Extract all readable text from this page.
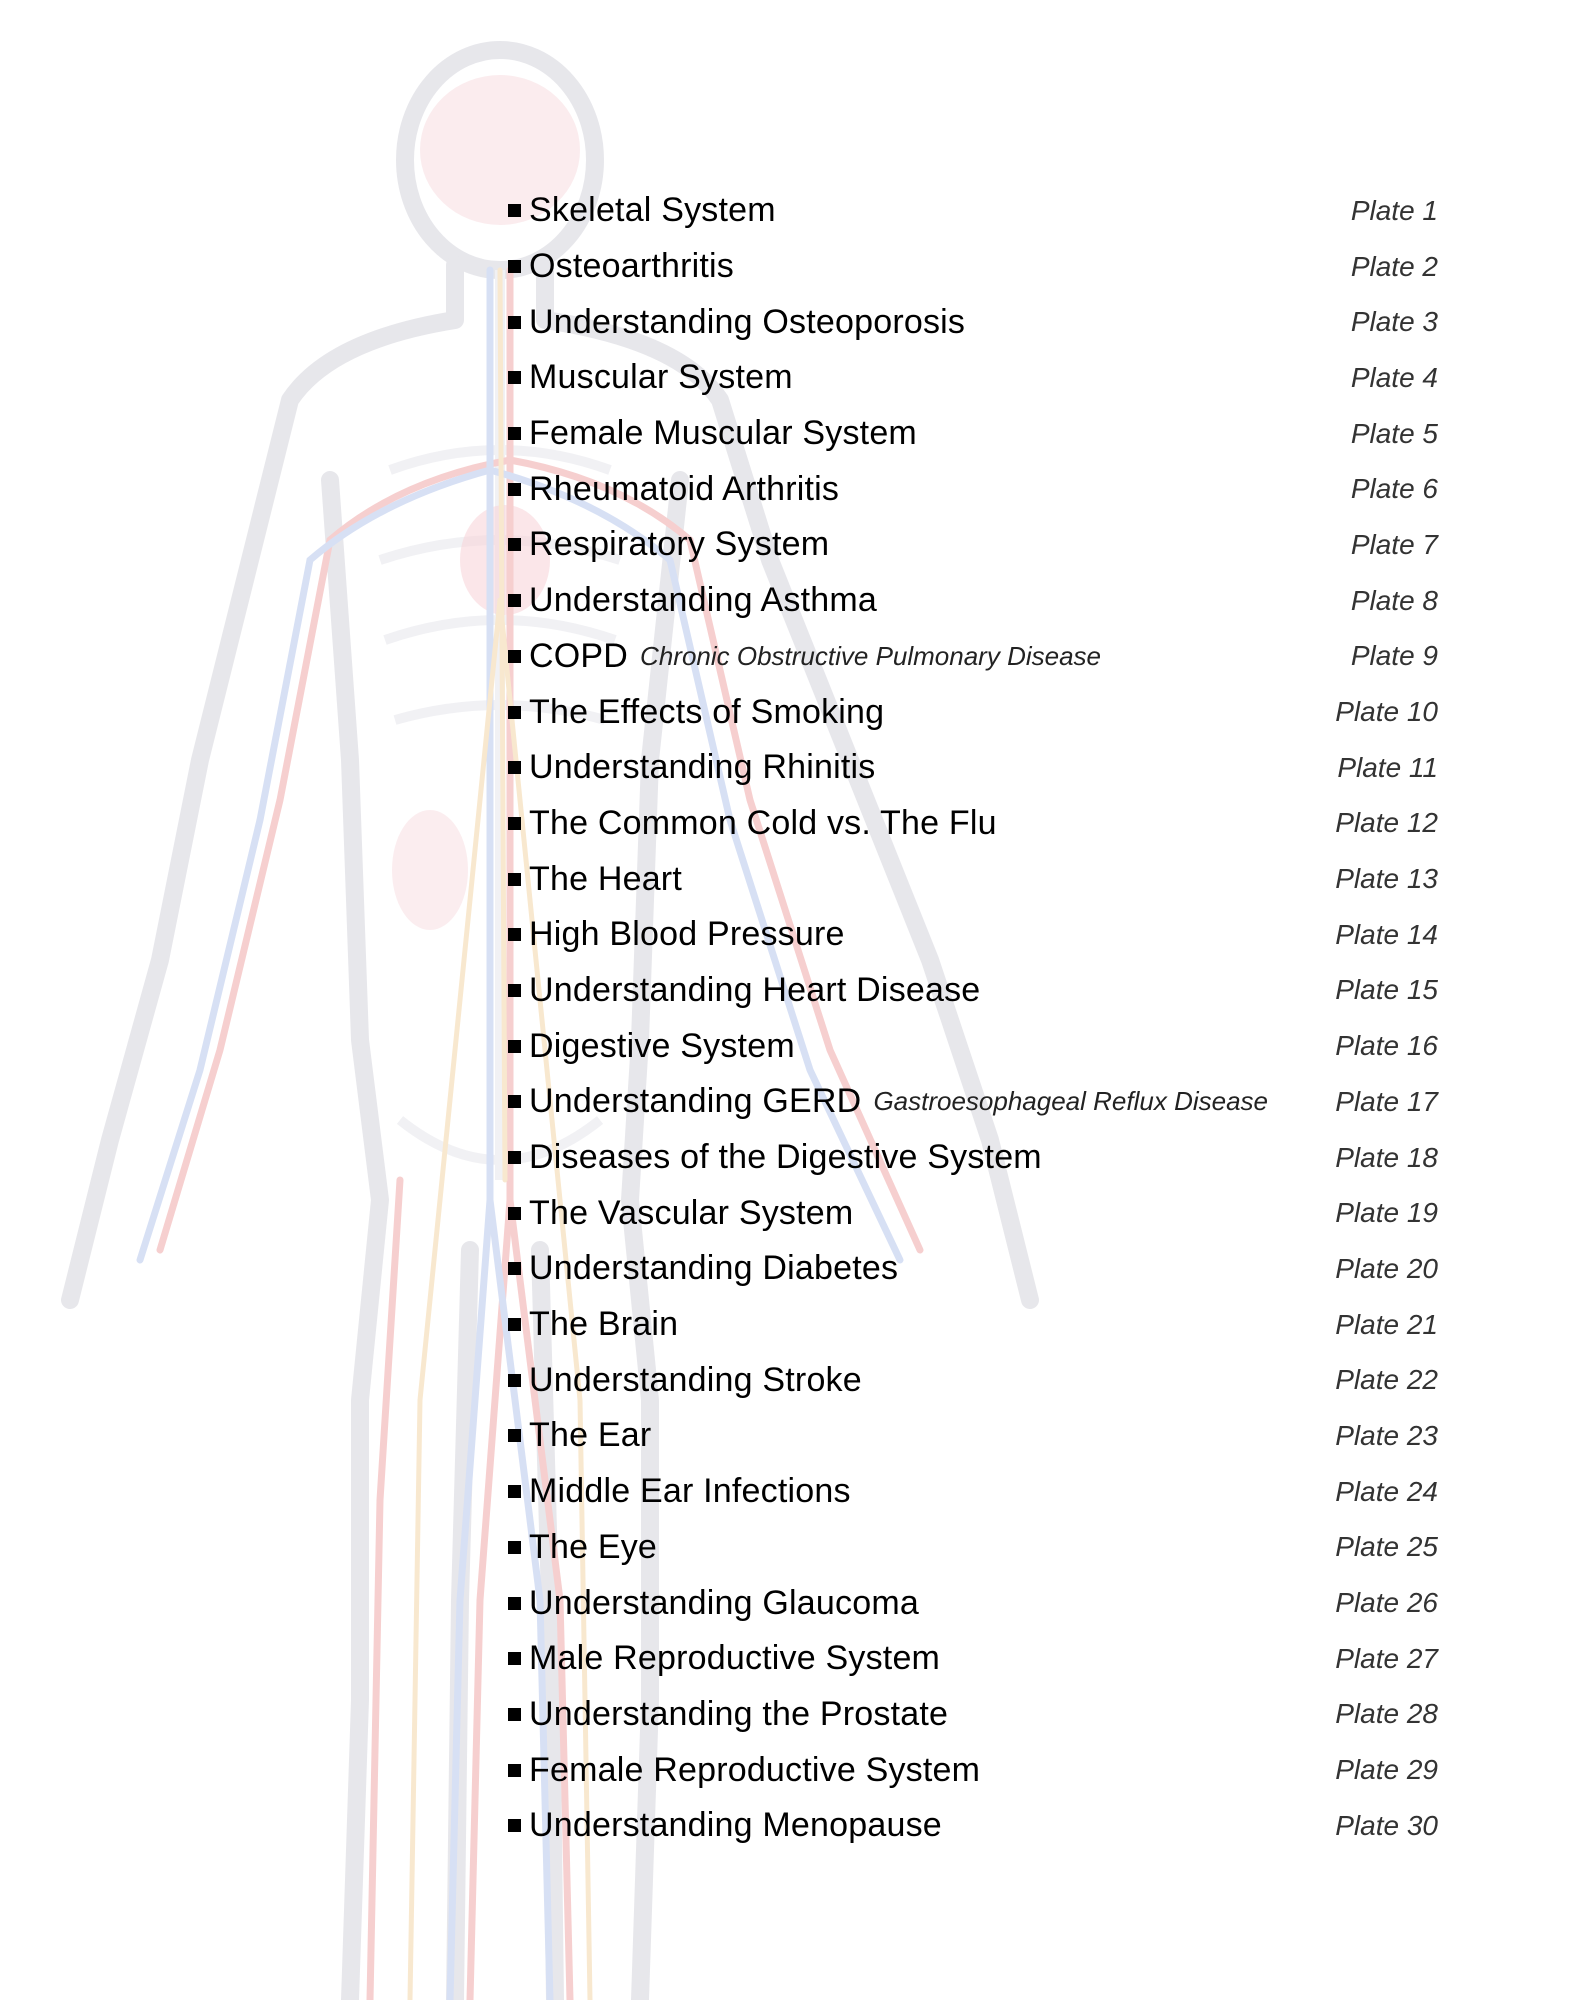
Skeletal System	Plate 1
Osteoarthritis	Plate 2
Understanding Osteoporosis	Plate 3
Muscular System	Plate 4
Female Muscular System	Plate 5
Rheumatoid Arthritis	Plate 6
Respiratory System	Plate 7
Understanding Asthma	Plate 8
COPD Chronic Obstructive Pulmonary Disease	Plate 9
The Effects of Smoking	Plate 10
Understanding Rhinitis	Plate 11
The Common Cold vs. The Flu	Plate 12
The Heart	Plate 13
High Blood Pressure	Plate 14
Understanding Heart Disease	Plate 15
Digestive System	Plate 16
Understanding GERD Gastroesophageal Reflux Disease Plate 17
Diseases of the Digestive System	Plate 18
The Vascular System	Plate 19
Understanding Diabetes	Plate 20
The Brain	Plate 21
Understanding Stroke	Plate 22
The Ear	Plate 23
Middle Ear Infections	Plate 24
The Eye	Plate 25
Understanding Glaucoma	Plate 26
Male Reproductive System	Plate 27
Understanding the Prostate	Plate 28
Female Reproductive System	Plate 29
Understanding Menopause	Plate 30
